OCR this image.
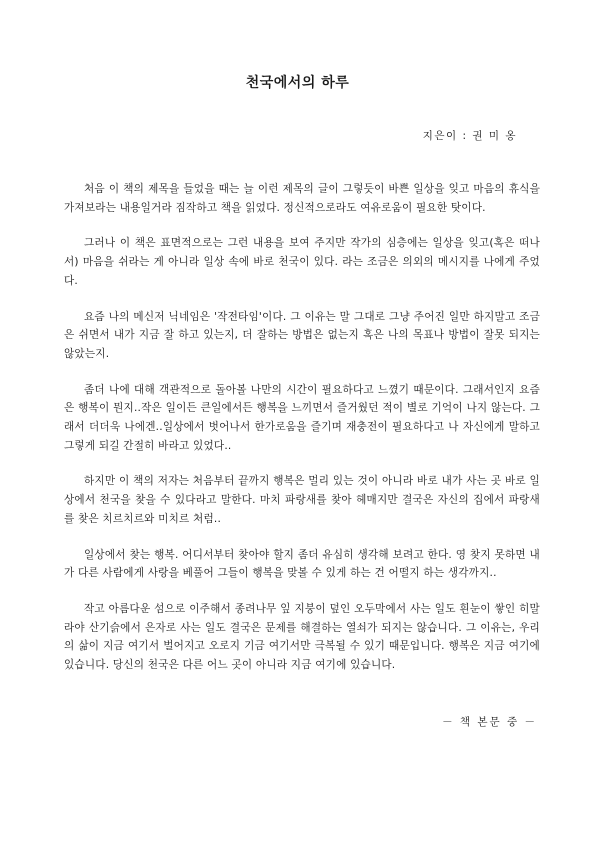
천국에서의 하루
지은이 : 권 미 옹

처음 이 책의 제목을 들었을 때는 늘 이런 제목의 글이 그렇듯이 바쁜 일상을 잊고 마음의 휴식을 가져보라는 내용일거라 짐작하고 책을 읽었다. 정신적으로라도 여유로움이 필요한 탓이다.

그러나 이 책은 표면적으로는 그런 내용을 보여 주지만 작가의 심층에는 일상을 잊고(혹은 떠나서) 마음을 쉬라는 게 아니라 일상 속에 바로 천국이 있다. 라는 조금은 의외의 메시지를 나에게 주었다.

요즘 나의 메신저 닉네임은 '작전타임'이다. 그 이유는 말 그대로 그냥 주어진 일만 하지말고 조금은 쉬면서 내가 지금 잘 하고 있는지, 더 잘하는 방법은 없는지 혹은 나의 목표나 방법이 잘못 되지는 않았는지.

좀더 나에 대해 객관적으로 돌아볼 나만의 시간이 필요하다고 느꼈기 때문이다. 그래서인지 요즘은 행복이 뭔지..작은 일이든 큰일에서든 행복을 느끼면서 즐거웠던 적이 별로 기억이 나지 않는다. 그래서 더더욱 나에겐..일상에서 벗어나서 한가로움을 즐기며 재충전이 필요하다고 나 자신에게 말하고 그렇게 되길 간절히 바라고 있었다..

하지만 이 책의 저자는 처음부터 끝까지 행복은 멀리 있는 것이 아니라 바로 내가 사는 곳 바로 일상에서 천국을 찾을 수 있다라고 말한다. 마치 파랑새를 찾아 헤매지만 결국은 자신의 집에서 파랑새를 찾은 치르치르와 미치르 처럼..

일상에서 찾는 행복. 어디서부터 찾아야 할지 좀더 유심히 생각해 보려고 한다. 영 찾지 못하면 내가 다른 사람에게 사랑을 베풀어 그들이 행복을 맞볼 수 있게 하는 건 어떨지 하는 생각까지..

작고 아름다운 섬으로 이주해서 종려나무 잎 지붕이 덮인 오두막에서 사는 일도 흰눈이 쌓인 히말라야 산기슭에서 은자로 사는 일도 결국은 문제를 해결하는 열쇠가 되지는 않습니다. 그 이유는, 우리의 삶이 지금 여기서 벌어지고 오로지 기금 여기서만 극복될 수 있기 때문입니다. 행복은 지금 여기에 있습니다. 당신의 천국은 다른 어느 곳이 아니라 지금 여기에 있습니다.

－ 책 본문 중 －
